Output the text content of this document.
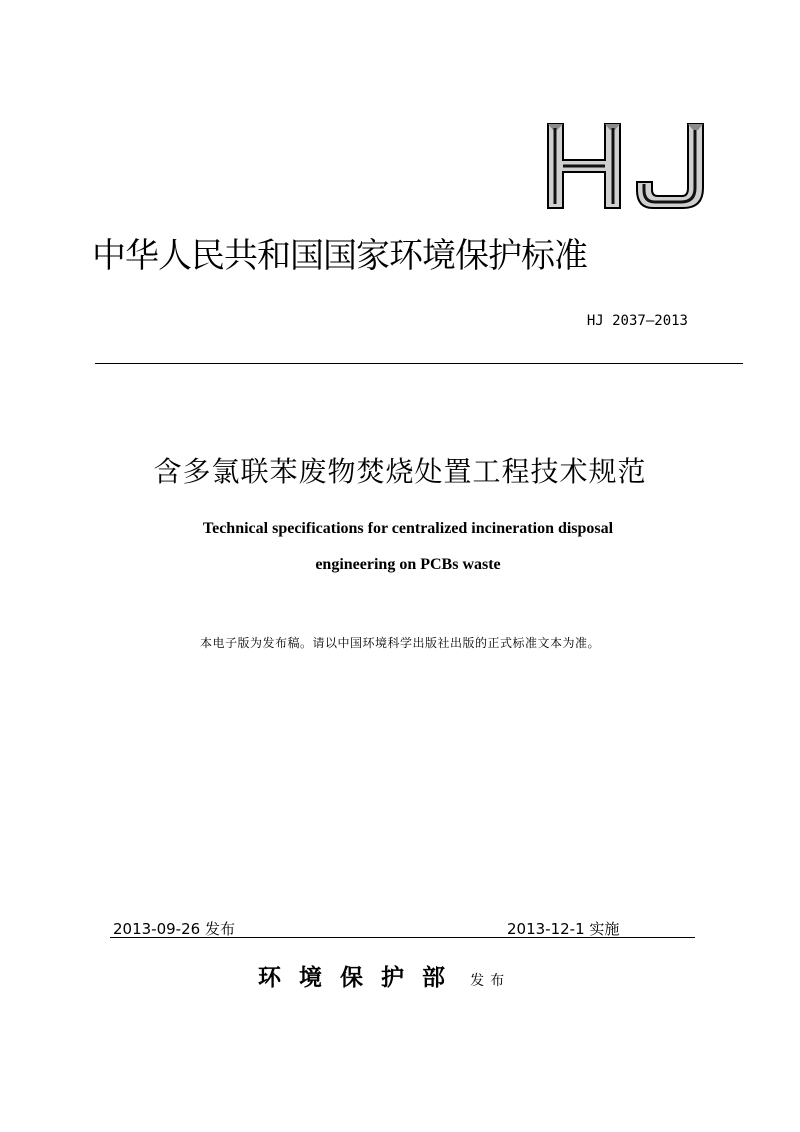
中华人民共和国国家环境保护标准
HJ 2037—2013
含多氯联苯废物焚烧处置工程技术规范
Technical specifications for centralized incineration disposal
engineering on PCBs waste
本电子版为发布稿。请以中国环境科学出版社出版的正式标准文本为准。
2013-09-26 发布	2013-12-1 实施
环境保护部 发布
